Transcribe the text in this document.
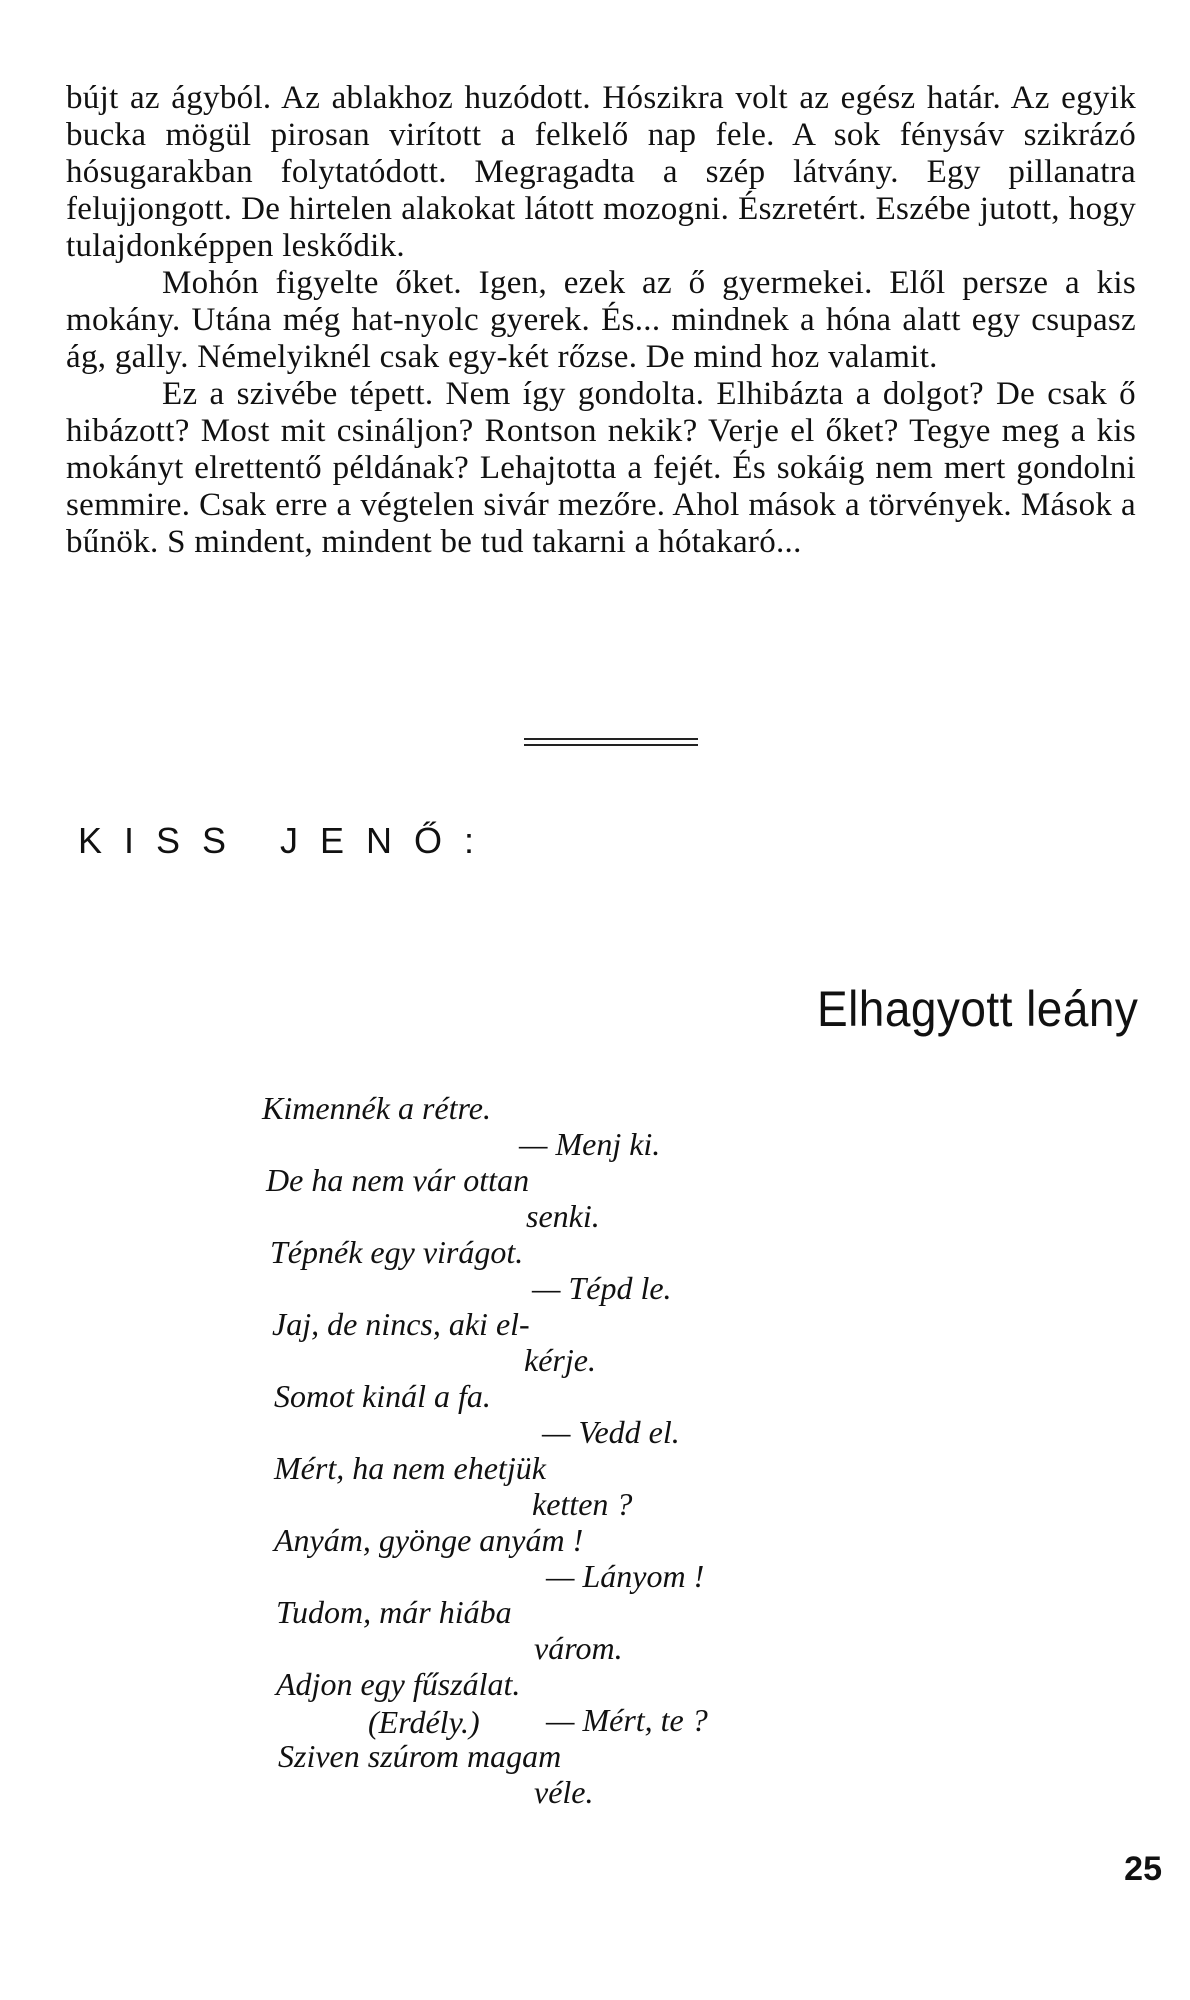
bújt az ágyból. Az ablakhoz huzódott. Hószikra volt az egész határ. Az egyik bucka mögül pirosan virított a felkelő nap fele. A sok fénysáv szikrázó hósugarakban folytatódott. Megragadta a szép látvány. Egy pillanatra felujjongott. De hirtelen alakokat látott mozogni. Észretért. Eszébe jutott, hogy tulajdonképpen leskődik.

Mohón figyelte őket. Igen, ezek az ő gyermekei. Elől persze a kis mokány. Utána még hat-nyolc gyerek. És... mindnek a hóna alatt egy csupasz ág, gally. Némelyiknél csak egy-két rőzse. De mind hoz valamit.

Ez a szivébe tépett. Nem így gondolta. Elhibázta a dolgot? De csak ő hibázott? Most mit csináljon? Rontson nekik? Verje el őket? Tegye meg a kis mokányt elrettentő példának? Lehajtotta a fejét. És sokáig nem mert gondolni semmire. Csak erre a végtelen sivár mezőre. Ahol mások a törvények. Mások a bűnök. S mindent, mindent be tud takarni a hótakaró...

KISS JENŐ:
Elhagyott leány
Kimennék a rétre.
— Menj ki.
De ha nem vár ottan
senki.
Tépnék egy virágot.
— Tépd le.
Jaj, de nincs, aki el-
kérje.
Somot kinál a fa.
— Vedd el.
Mért, ha nem ehetjük
ketten ?
Anyám, gyönge anyám !
— Lányom !
Tudom, már hiába
várom.
Adjon egy fűszálat.
— Mért, te ?
Sziven szúrom magam
véle.
(Erdély.)
25
